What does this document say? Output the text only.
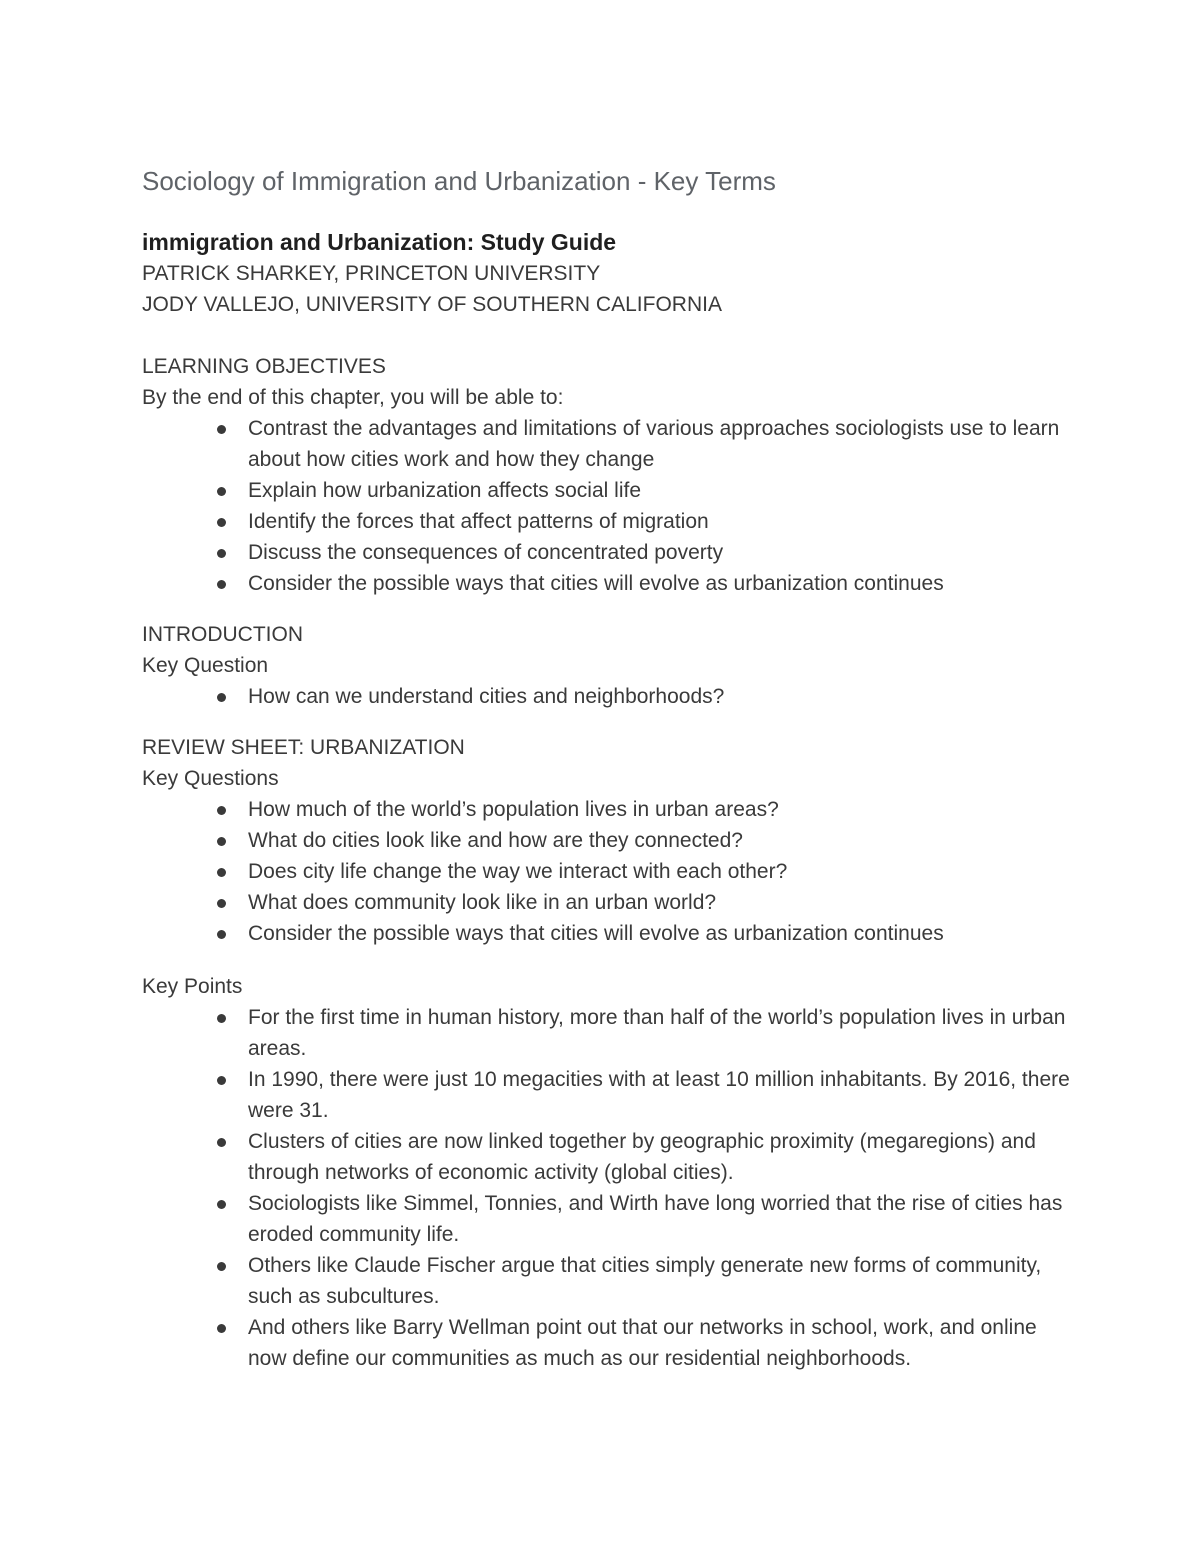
Sociology of Immigration and Urbanization - Key Terms

immigration and Urbanization: Study Guide

PATRICK SHARKEY, PRINCETON UNIVERSITY

JODY VALLEJO, UNIVERSITY OF SOUTHERN CALIFORNIA

LEARNING OBJECTIVES

By the end of this chapter, you will be able to:

Contrast the advantages and limitations of various approaches sociologists use to learn about how cities work and how they change
Explain how urbanization affects social life
Identify the forces that affect patterns of migration
Discuss the consequences of concentrated poverty
Consider the possible ways that cities will evolve as urbanization continues

INTRODUCTION

Key Question

How can we understand cities and neighborhoods?

REVIEW SHEET: URBANIZATION

Key Questions

How much of the world’s population lives in urban areas?
What do cities look like and how are they connected?
Does city life change the way we interact with each other?
What does community look like in an urban world?
Consider the possible ways that cities will evolve as urbanization continues

Key Points

For the first time in human history, more than half of the world’s population lives in urban areas.
In 1990, there were just 10 megacities with at least 10 million inhabitants. By 2016, there were 31.
Clusters of cities are now linked together by geographic proximity (megaregions) and through networks of economic activity (global cities).
Sociologists like Simmel, Tonnies, and Wirth have long worried that the rise of cities has eroded community life.
Others like Claude Fischer argue that cities simply generate new forms of community, such as subcultures.
And others like Barry Wellman point out that our networks in school, work, and online now define our communities as much as our residential neighborhoods.
